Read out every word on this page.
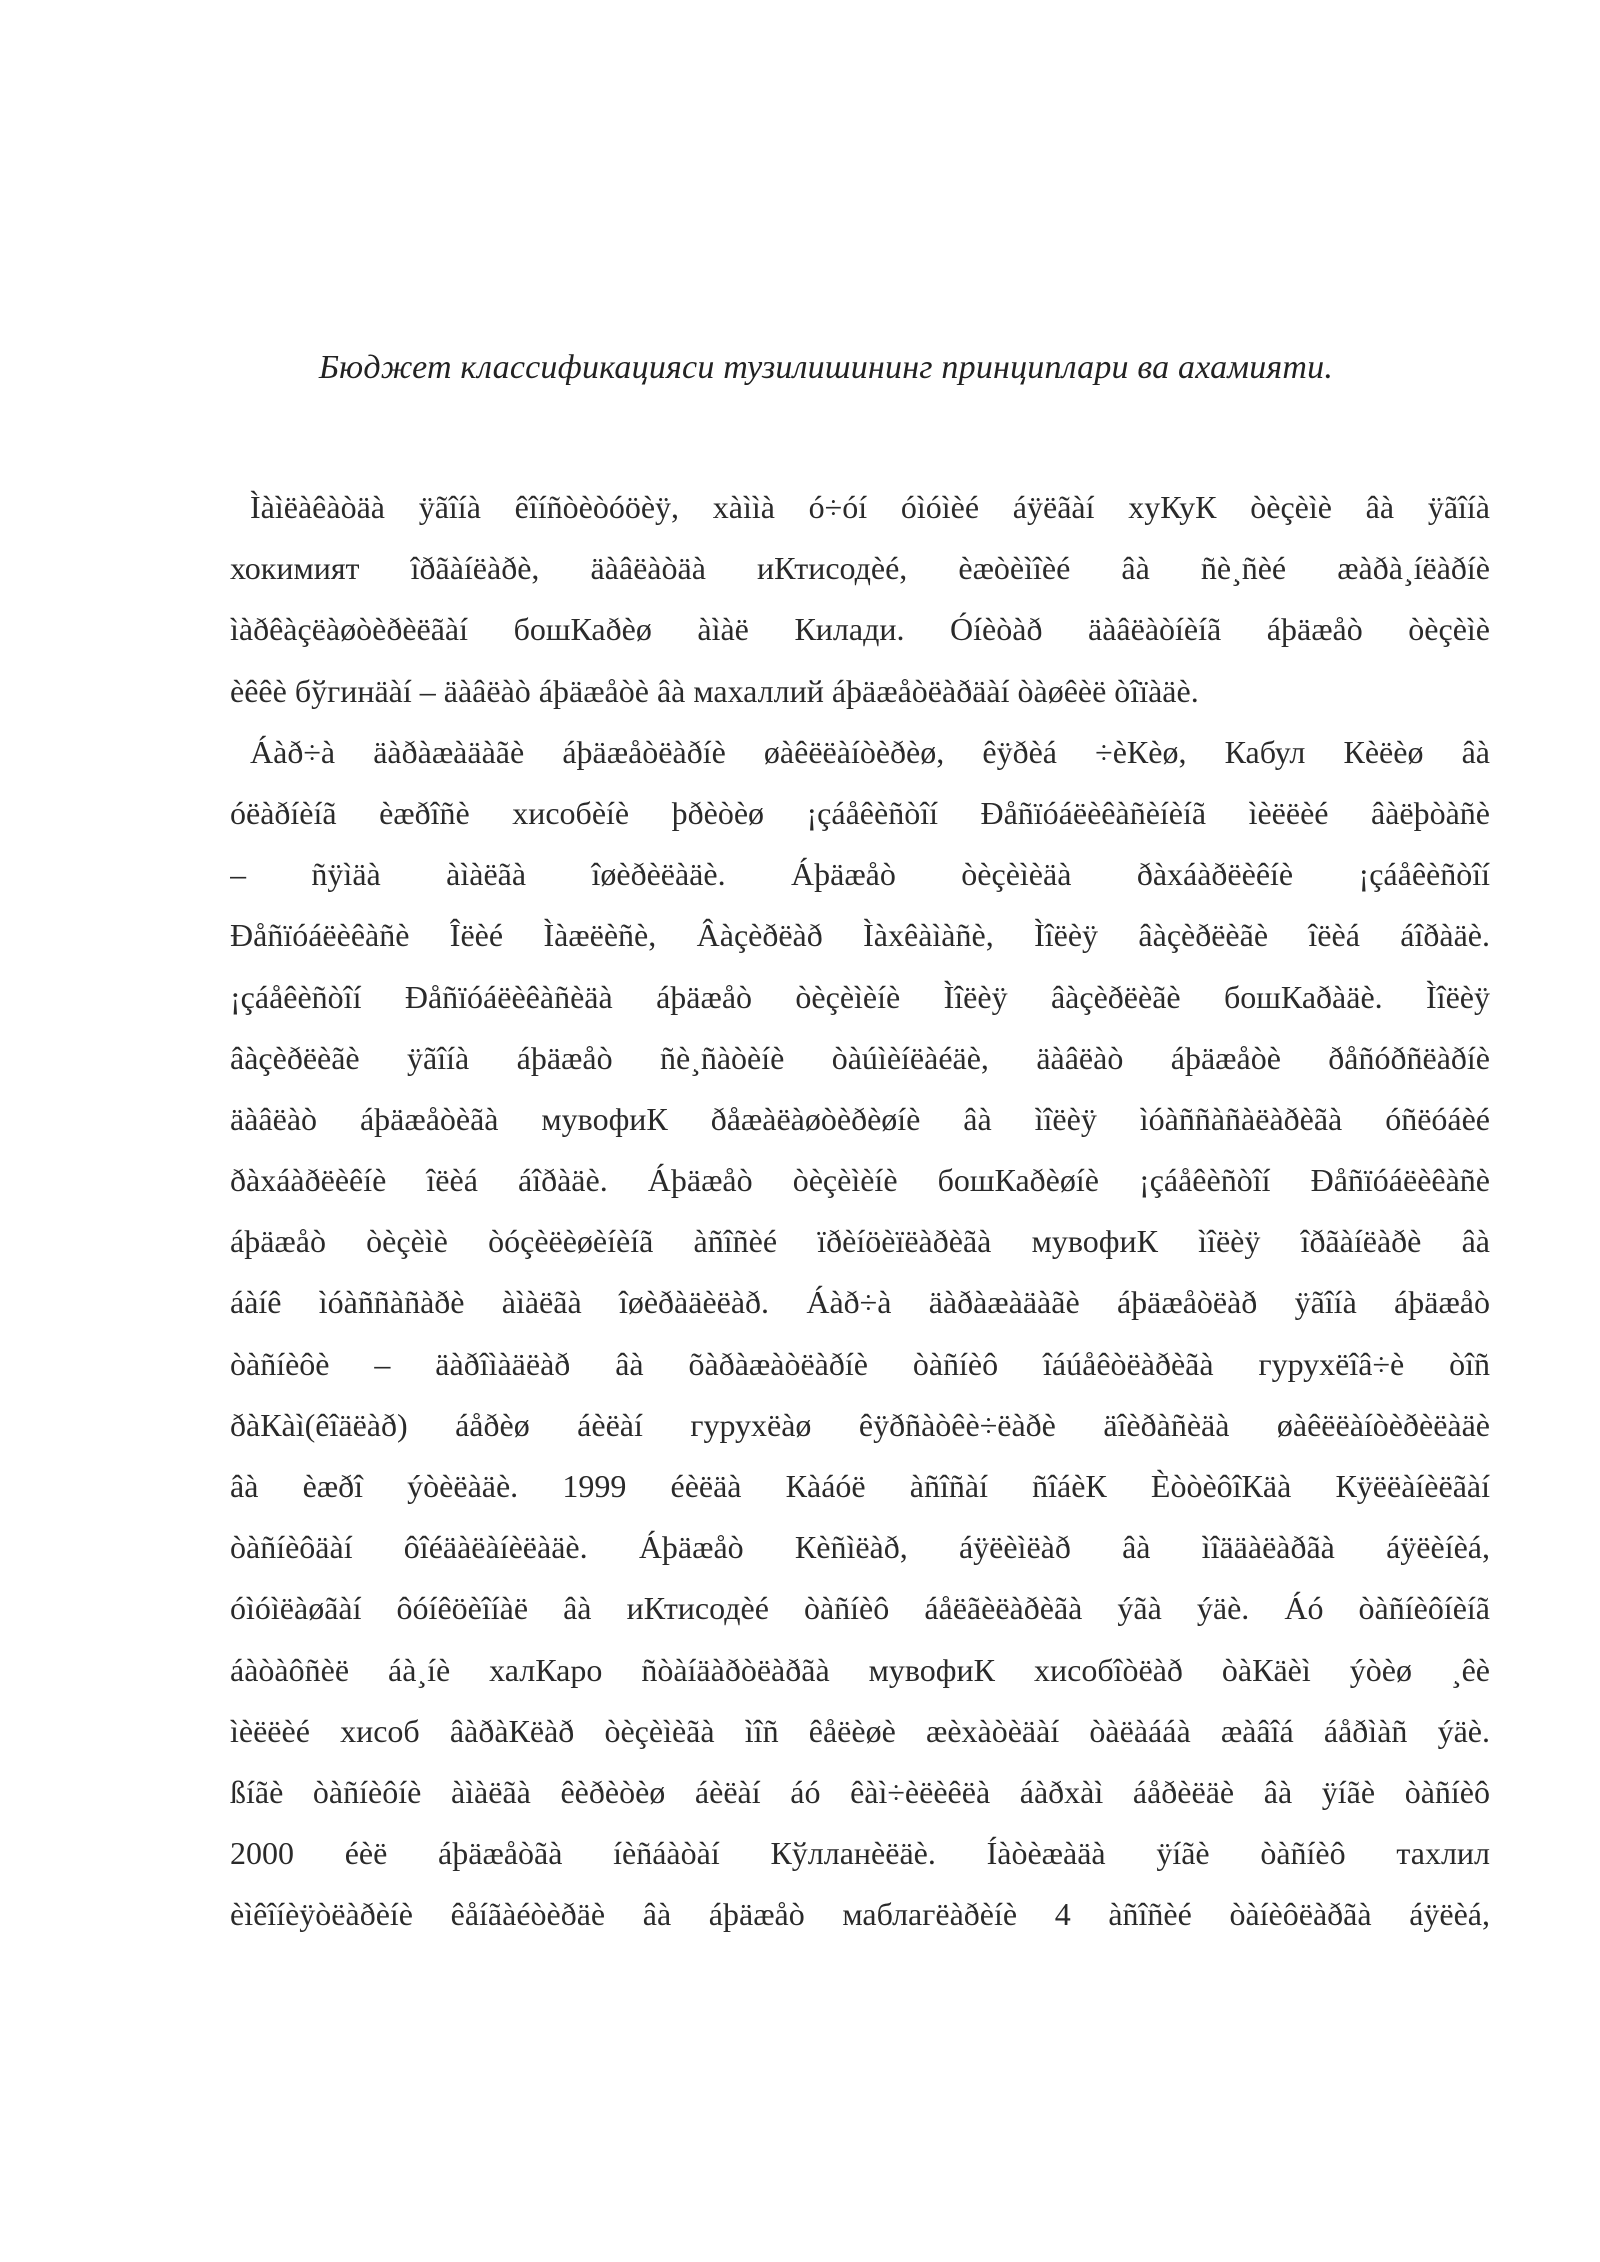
Бюджет классификацияси тузилишининг принциплари ва ахамияти.
Ìàìëàêàòäà ÿãîíà êîíñòèòóöèÿ, xàììà ó÷óí óìóìèé áÿëãàí xуКуК òèçèìè âà ÿãîíà
хокимият îðãàíëàðè, äàâëàòäà иКтисодèé, èæòèìîèé âà ñè¸ñèé æàðà¸íëàðíè
ìàðêàçëàøòèðèëãàí бошКаðèø àìàë Килади. Óíèòàð äàâëàòíèíã áþäæåò òèçèìè
èêêè бўгинäàí – äàâëàò áþäæåòè âà махаллий áþäæåòëàðäàí òàøêèë òîïàäè.
Áàð÷à äàðàæàäàãè áþäæåòëàðíè øàêëëàíòèðèø, êÿðèá ÷èКèø, Кабул Кèëèø âà
óëàðíèíã èæðîñè хисобèíè þðèòèø ¡çáåêèñòîí Ðåñïóáëèêàñèíèíã ìèëëèé âàëþòàñè
– ñÿìäà àìàëãà îøèðèëàäè. Áþäæåò òèçèìèäà ðàxáàðëèêíè ¡çáåêèñòîí
Ðåñïóáëèêàñè Îëèé Ìàæëèñè, Âàçèðëàð Ìàxêàìàñè, Ìîëèÿ âàçèðëèãè îëèá áîðàäè.
¡çáåêèñòîí Ðåñïóáëèêàñèäà áþäæåò òèçèìèíè Ìîëèÿ âàçèðëèãè бошКаðàäè. Ìîëèÿ
âàçèðëèãè ÿãîíà áþäæåò ñè¸ñàòèíè òàúìèíëàéäè, äàâëàò áþäæåòè ðåñóðñëàðíè
äàâëàò áþäæåòèãà мувофиК ðåæàëàøòèðèøíè âà ìîëèÿ ìóàññàñàëàðèãà óñëóáèé
ðàxáàðëèêíè îëèá áîðàäè. Áþäæåò òèçèìèíè бошКаðèøíè ¡çáåêèñòîí Ðåñïóáëèêàñè
áþäæåò òèçèìè òóçèëèøèíèíã àñîñèé ïðèíöèïëàðèãà мувофиК ìîëèÿ îðãàíëàðè âà
áàíê ìóàññàñàðè àìàëãà îøèðàäèëàð. Áàð÷à äàðàæàäàãè áþäæåòëàð ÿãîíà áþäæåò
òàñíèôè – äàðîìàäëàð âà õàðàæàòëàðíè òàñíèô îáúåêòëàðèãà гурухëîâ÷è òîñ
ðàКàì(êîäëàð) áåðèø áèëàí гурухëàø êÿðñàòêè÷ëàðè äîèðàñèäà øàêëëàíòèðèëàäè
âà èæðî ýòèëàäè. 1999 éèëäà Кàáóë àñîñàí ñîáèК ÈòòèôîКäà Кÿëëàíèëãàí
òàñíèôäàí ôîéäàëàíèëàäè. Áþäæåò Кèñìëàð, áÿëèìëàð âà ìîääàëàðãà áÿëèíèá,
óìóìëàøãàí ôóíêöèîíàë âà иКтисодèé òàñíèô áåëãèëàðèãà ýãà ýäè. Áó òàñíèôíèíã
áàòàôñèë áà¸íè халКаро ñòàíäàðòëàðãà мувофиК хисобîòëàð òàКäèì ýòèø ¸êè
ìèëëèé хисоб âàðàКëàð òèçèìèãà ìîñ êåëèøè æèxàòèäàí òàëàááà æàâîá áåðìàñ ýäè.
ßíãè òàñíèôíè àìàëãà êèðèòèø áèëàí áó êàì÷èëèêëà áàðxàì áåðèëäè âà ÿíãè òàñíèô
2000 éèë áþäæåòãà íèñáàòàí Кўлланèëäè. Íàòèæàäà ÿíãè òàñíèô тахлил
èìêîíèÿòëàðèíè êåíãàéòèðäè âà áþäæåò маблагëàðèíè 4 àñîñèé òàíèôëàðãà áÿëèá,
